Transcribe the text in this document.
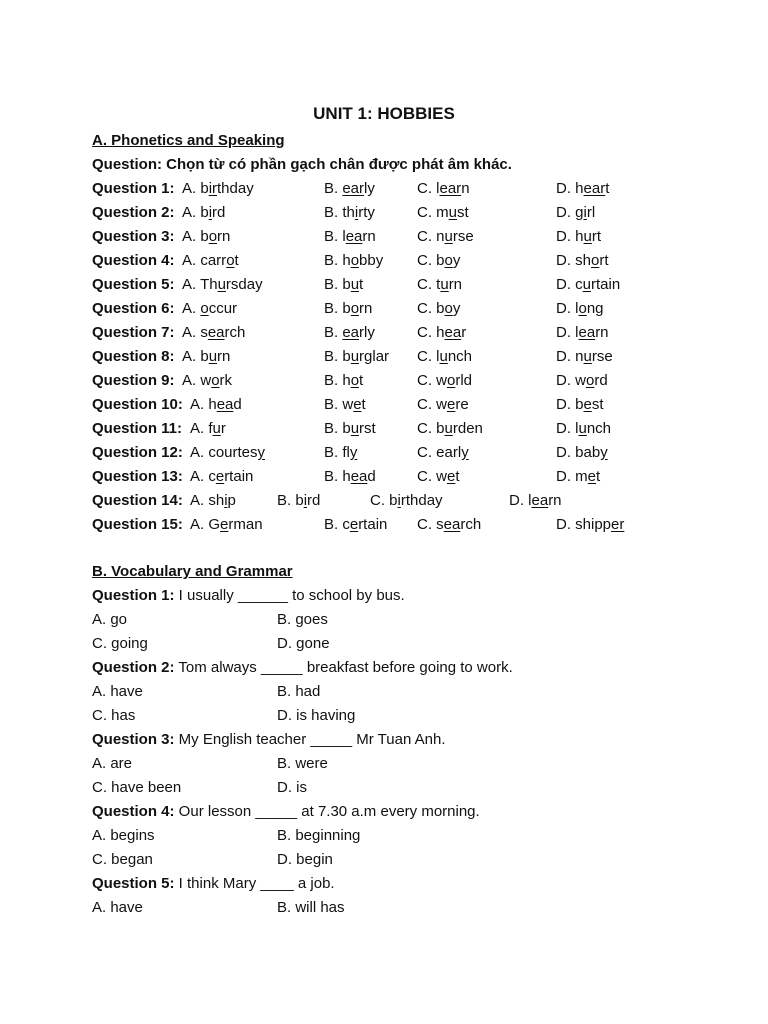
UNIT 1: HOBBIES
A. Phonetics and Speaking
Question: Chọn từ có phần gạch chân được phát âm khác.
Question 1: A. birthday	B. early	C. learn	D. heart
Question 2: A. bird	B. thirty	C. must	D. girl
Question 3: A. born	B. learn	C. nurse	D. hurt
Question 4: A. carrot	B. hobby C. boy	D. short
Question 5: A. Thursday	B. but	C. turn	D. curtain
Question 6: A. occur	B. born	C. boy	D. long
Question 7: A. search	B. early	C. hear	D. learn
Question 8: A. burn	B. burglar C. lunch	D. nurse
Question 9: A. work	B. hot	C. world	D. word
Question 10: A. head	B. wet	C. were	D. best
Question 11: A. fur	B. burst	C. burden	D. lunch
Question 12: A. courtesy	B. fly	C. early	D. baby
Question 13: A. certain	B. head	C. wet	D. met
Question 14: A. ship	B. bird	C. birthday	D. learn
Question 15: A. German	B. certain C. search	D. shipper
B. Vocabulary and Grammar
Question 1: I usually ______ to school by bus.
A. go	B. goes
C. going	D. gone
Question 2: Tom always _____ breakfast before going to work.
A. have	B. had
C. has	D. is having
Question 3: My English teacher _____ Mr Tuan Anh.
A. are	B. were
C. have been	D. is
Question 4: Our lesson _____ at 7.30 a.m every morning.
A. begins	B. beginning
C. began	D. begin
Question 5: I think Mary ____ a job.
A. have	B. will has
